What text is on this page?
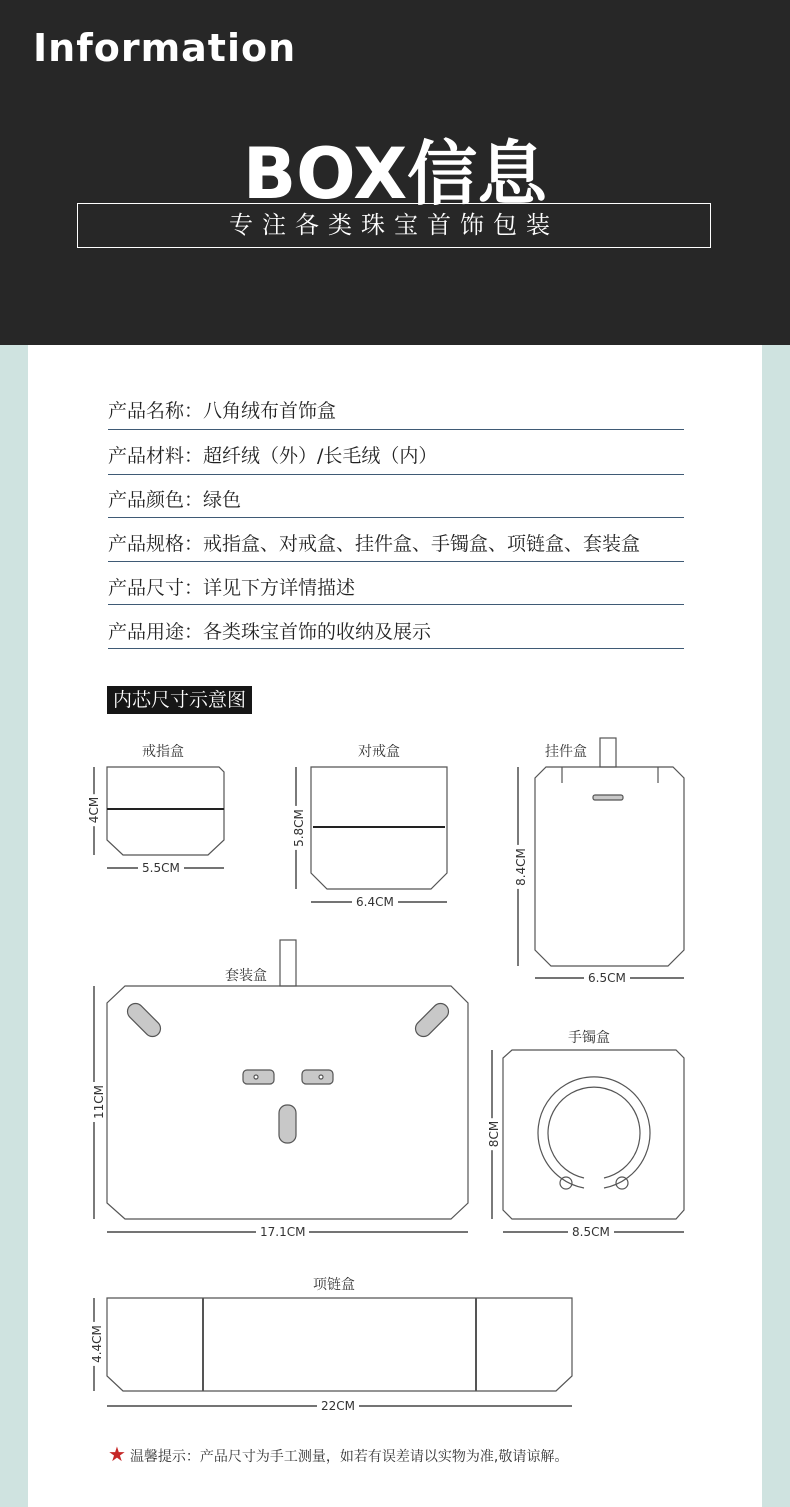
Information
BOX信息
专注各类珠宝首饰包装
产品名称：八角绒布首饰盒
产品材料：超纤绒（外）/长毛绒（内）
产品颜色：绿色
产品规格：戒指盒、对戒盒、挂件盒、手镯盒、项链盒、套装盒
产品尺寸：详见下方详情描述
产品用途：各类珠宝首饰的收纳及展示
内芯尺寸示意图
戒指盒
5.5CM
4CM
对戒盒
6.4CM
5.8CM
挂件盒
6.5CM
8.4CM
套装盒
17.1CM
11CM
手镯盒
8.5CM
8CM
项链盒
22CM
4.4CM
★ 温馨提示：产品尺寸为手工测量，如若有误差请以实物为准,敬请谅解。
